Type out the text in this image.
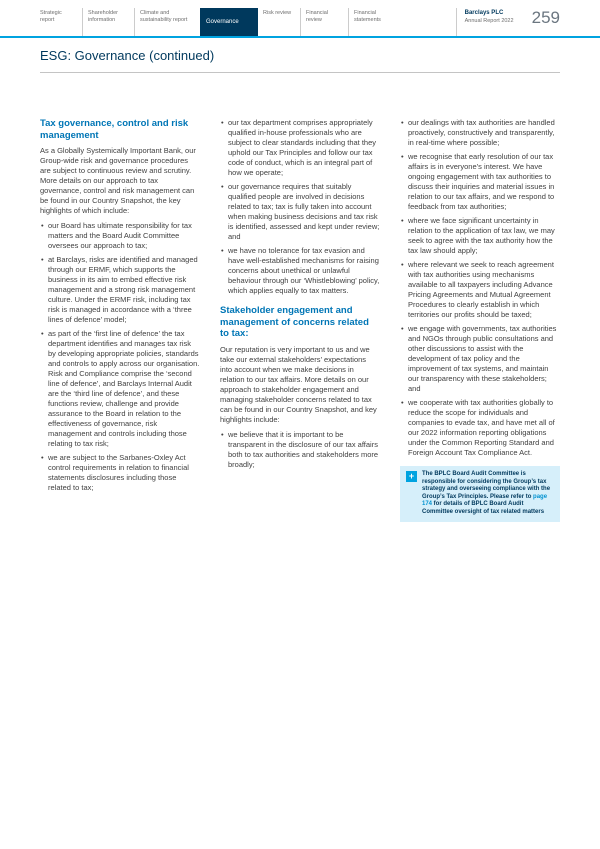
Strategic report
Shareholder information
Climate and sustainability report	Governance
Risk review	Financial review
Financial statements
Barclays PLC
Annual Report 2022	259
ESG: Governance (continued)
Tax governance, control and risk management

As a Globally Systemically Important Bank, our Group-wide risk and governance procedures are subject to continuous review and scrutiny. More details on our approach to tax governance, control and risk management can be found in our Country Snapshot, the key highlights of which include:

• our Board has ultimate responsibility for tax matters and the Board Audit Committee oversees our approach to tax;
• at Barclays, risks are identified and managed through our ERMF, which supports the business in its aim to embed effective risk management and a strong risk management culture. Under the ERMF risk, including tax risk is managed in accordance with a ‘three lines of defence’ model;
• as part of the ‘first line of defence’ the tax department identifies and manages tax risk by developing appropriate policies, standards and controls to apply across our organisation. Risk and Compliance comprise the ‘second line of defence’, and Barclays Internal Audit are the ‘third line of defence’, and these functions review, challenge and provide assurance to the Board in relation to the effectiveness of governance, risk management and controls including those relating to tax risk;
• we are subject to the Sarbanes-Oxley Act control requirements in relation to financial statements disclosures including those related to tax;
• our tax department comprises appropriately qualified in-house professionals who are subject to clear standards including that they uphold our Tax Principles and follow our tax code of conduct, which is an integral part of how we operate;
• our governance requires that suitably qualified people are involved in decisions related to tax; tax is fully taken into account when making business decisions and tax risk is identified, assessed and kept under review; and
• we have no tolerance for tax evasion and have well-established mechanisms for raising concerns about unethical or unlawful behaviour through our ‘Whistleblowing’ policy, which applies equally to tax matters.
Stakeholder engagement and management of concerns related to tax:

Our reputation is very important to us and we take our external stakeholders’ expectations into account when we make decisions in relation to our tax affairs. More details on our approach to stakeholder engagement and managing stakeholder concerns related to tax can be found in our Country Snapshot, and key highlights include:

• we believe that it is important to be transparent in the disclosure of our tax affairs both to tax authorities and stakeholders more broadly;
• our dealings with tax authorities are handled proactively, constructively and transparently, in real-time where possible;
• we recognise that early resolution of our tax affairs is in everyone’s interest. We have ongoing engagement with tax authorities to discuss their inquiries and material issues in relation to our tax affairs, and we respond to feedback from tax authorities;
• where we face significant uncertainty in relation to the application of tax law, we may seek to agree with the tax authority how the tax law should apply;
• where relevant we seek to reach agreement with tax authorities using mechanisms available to all taxpayers including Advance Pricing Agreements and Mutual Agreement Procedures to clearly establish in which territories our profits should be taxed;
• we engage with governments, tax authorities and NGOs through public consultations and other discussions to assist with the development of tax policy and the improvement of tax systems, and maintain our transparency with these stakeholders; and
• we cooperate with tax authorities globally to reduce the scope for individuals and companies to evade tax, and have met all of our 2022 information reporting obligations under the Common Reporting Standard and Foreign Account Tax Compliance Act.
+	The BPLC Board Audit Committee is responsible for considering the Group’s tax strategy and overseeing compliance with the Group’s Tax Principles. Please refer to page 174 for details of BPLC Board Audit Committee oversight of tax related matters
